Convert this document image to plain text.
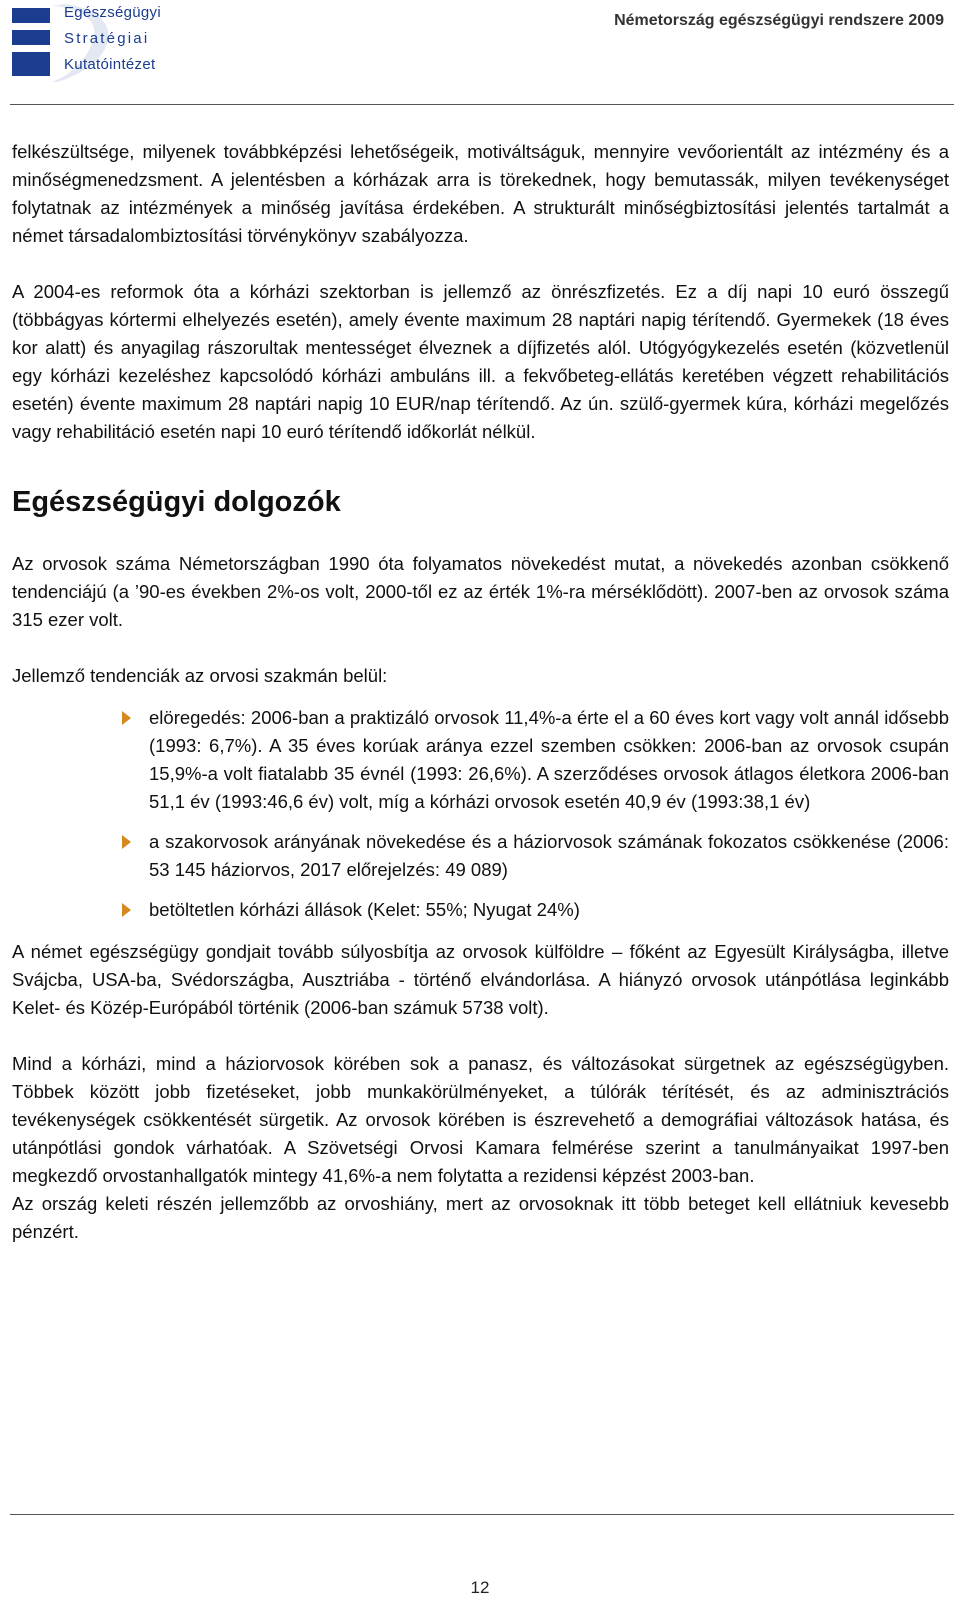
Egészségügyi
Stratégiai
Kutatóintézet
Németország egészségügyi rendszere 2009

felkészültsége, milyenek továbbképzési lehetőségeik, motiváltságuk, mennyire vevőorientált az intézmény és a minőségmenedzsment. A jelentésben a kórházak arra is törekednek, hogy bemutassák, milyen tevékenységet folytatnak az intézmények a minőség javítása érdekében. A strukturált minőségbiztosítási jelentés tartalmát a német társadalombiztosítási törvénykönyv szabályozza.

A 2004-es reformok óta a kórházi szektorban is jellemző az önrészfizetés. Ez a díj napi 10 euró összegű (többágyas kórtermi elhelyezés esetén), amely évente maximum 28 naptári napig térítendő. Gyermekek (18 éves kor alatt) és anyagilag rászorultak mentességet élveznek a díjfizetés alól. Utógyógykezelés esetén (közvetlenül egy kórházi kezeléshez kapcsolódó kórházi ambuláns ill. a fekvőbeteg-ellátás keretében végzett rehabilitációs esetén) évente maximum 28 naptári napig 10 EUR/nap térítendő. Az ún. szülő-gyermek kúra, kórházi megelőzés vagy rehabilitáció esetén napi 10 euró térítendő időkorlát nélkül.

Egészségügyi dolgozók

Az orvosok száma Németországban 1990 óta folyamatos növekedést mutat, a növekedés azonban csökkenő tendenciájú (a ’90-es években 2%-os volt, 2000-től ez az érték 1%-ra mérséklődött). 2007-ben az orvosok száma 315 ezer volt.

Jellemző tendenciák az orvosi szakmán belül:

elöregedés: 2006-ban a praktizáló orvosok 11,4%-a érte el a 60 éves kort vagy volt annál idősebb (1993: 6,7%). A 35 éves korúak aránya ezzel szemben csökken: 2006-ban az orvosok csupán 15,9%-a volt fiatalabb 35 évnél (1993: 26,6%). A szerződéses orvosok átlagos életkora 2006-ban 51,1 év (1993:46,6 év) volt, míg a kórházi orvosok esetén 40,9 év (1993:38,1 év)
a szakorvosok arányának növekedése és a háziorvosok számának fokozatos csökkenése (2006: 53 145 háziorvos, 2017 előrejelzés: 49 089)
betöltetlen kórházi állások (Kelet: 55%; Nyugat 24%)

A német egészségügy gondjait tovább súlyosbítja az orvosok külföldre – főként az Egyesült Királyságba, illetve Svájcba, USA-ba, Svédországba, Ausztriába - történő elvándorlása. A hiányzó orvosok utánpótlása leginkább Kelet- és Közép-Európából történik (2006-ban számuk 5738 volt).

Mind a kórházi, mind a háziorvosok körében sok a panasz, és változásokat sürgetnek az egészségügyben. Többek között jobb fizetéseket, jobb munkakörülményeket, a túlórák térítését, és az adminisztrációs tevékenységek csökkentését sürgetik. Az orvosok körében is észrevehető a demográfiai változások hatása, és utánpótlási gondok várhatóak. A Szövetségi Orvosi Kamara felmérése szerint a tanulmányaikat 1997-ben megkezdő orvostanhallgatók mintegy 41,6%-a nem folytatta a rezidensi képzést 2003-ban.

Az ország keleti részén jellemzőbb az orvoshiány, mert az orvosoknak itt több beteget kell ellátniuk kevesebb pénzért.

12
